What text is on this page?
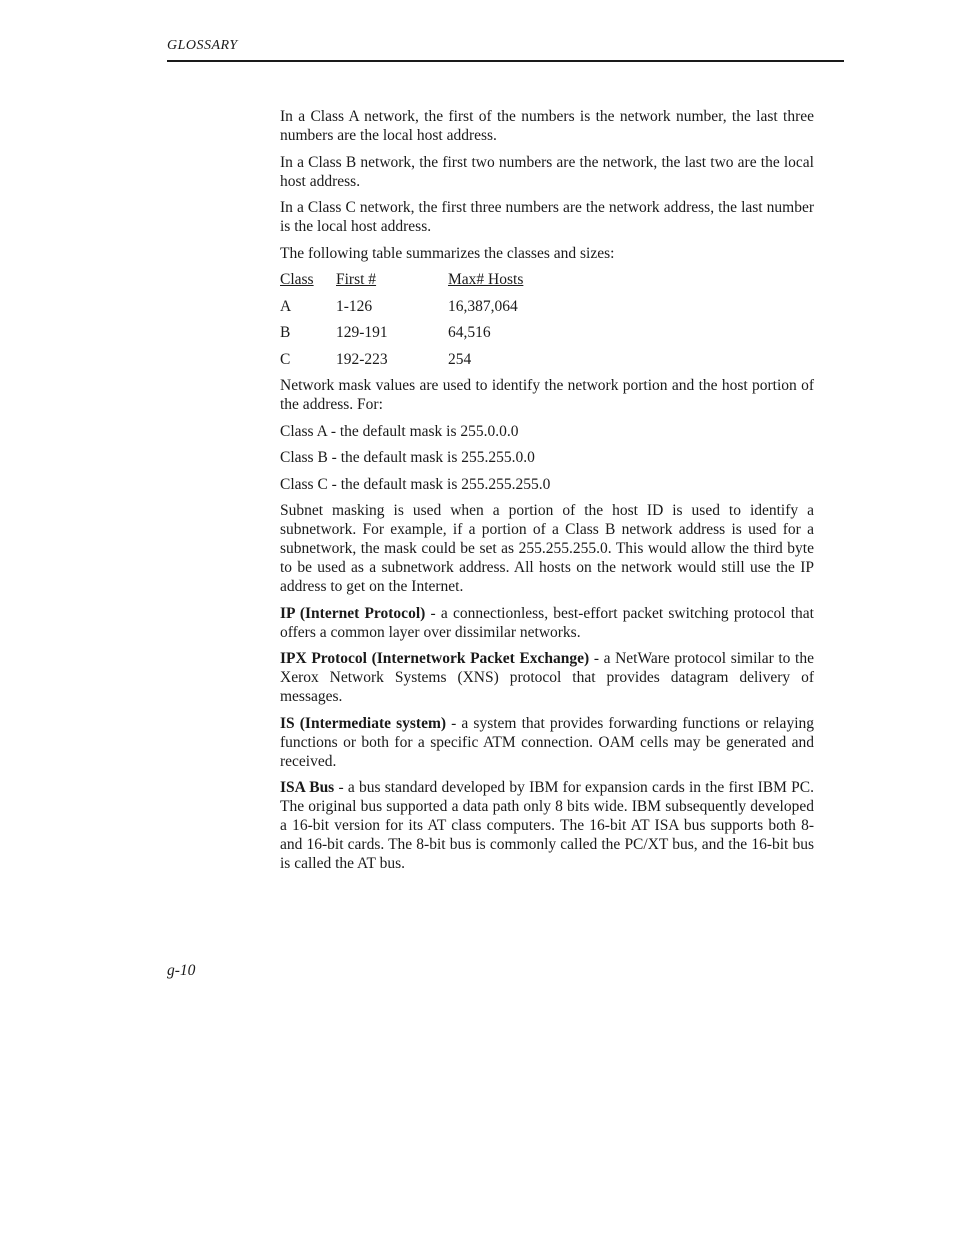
GLOSSARY

In a Class A network, the first of the numbers is the network number, the last three numbers are the local host address.

In a Class B network, the first two numbers are the network, the last two are the local host address.

In a Class C network, the first three numbers are the network address, the last number is the local host address.

The following table summarizes the classes and sizes:

Class	First #	Max# Hosts
A	1-126	16,387,064
B	129-191	64,516
C	192-223	254

Network mask values are used to identify the network portion and the host portion of the address. For:

Class A - the default mask is 255.0.0.0

Class B - the default mask is 255.255.0.0

Class C - the default mask is 255.255.255.0

Subnet masking is used when a portion of the host ID is used to identify a subnetwork. For example, if a portion of a Class B network address is used for a subnetwork, the mask could be set as 255.255.255.0. This would allow the third byte to be used as a subnetwork address. All hosts on the network would still use the IP address to get on the Internet.

IP (Internet Protocol) - a connectionless, best-effort packet switching protocol that offers a common layer over dissimilar networks.

IPX Protocol (Internetwork Packet Exchange) - a NetWare protocol similar to the Xerox Network Systems (XNS) protocol that provides datagram delivery of messages.

IS (Intermediate system) - a system that provides forwarding functions or relaying functions or both for a specific ATM connection. OAM cells may be generated and received.

ISA Bus - a bus standard developed by IBM for expansion cards in the first IBM PC. The original bus supported a data path only 8 bits wide. IBM subsequently developed a 16-bit version for its AT class computers. The 16-bit AT ISA bus supports both 8- and 16-bit cards. The 8-bit bus is commonly called the PC/XT bus, and the 16-bit bus is called the AT bus.

g-10
